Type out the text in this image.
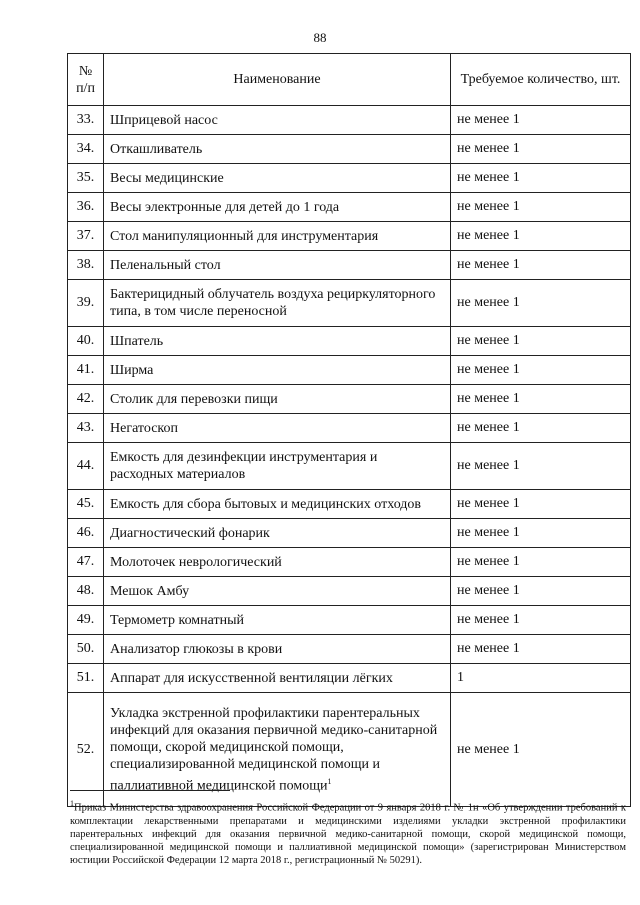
88
№ п/п	Наименование	Требуемое количество, шт.
33.	Шприцевой насос	не менее 1
34.	Откашливатель	не менее 1
35.	Весы медицинские	не менее 1
36.	Весы электронные для детей до 1 года	не менее 1
37.	Стол манипуляционный для инструментария	не менее 1
38.	Пеленальный стол	не менее 1
39.	Бактерицидный облучатель воздуха рециркуляторного типа, в том числе переносной	не менее 1
40.	Шпатель	не менее 1
41.	Ширма	не менее 1
42.	Столик для перевозки пищи	не менее 1
43.	Негатоскоп	не менее 1
44.	Емкость для дезинфекции инструментария и расходных материалов	не менее 1
45.	Емкость для сбора бытовых и медицинских отходов	не менее 1
46.	Диагностический фонарик	не менее 1
47.	Молоточек неврологический	не менее 1
48.	Мешок Амбу	не менее 1
49.	Термометр комнатный	не менее 1
50.	Анализатор глюкозы в крови	не менее 1
51.	Аппарат для искусственной вентиляции лёгких	1
52.	Укладка экстренной профилактики парентеральных инфекций для оказания первичной медико-санитарной помощи, скорой медицинской помощи, специализированной медицинской помощи и паллиативной медицинской помощи$^1$	не менее 1
$^1$Приказ Министерства здравоохранения Российской Федерации от 9 января 2018 г. № 1н «Об утверждении требований к комплектации лекарственными препаратами и медицинскими изделиями укладки экстренной профилактики парентеральных инфекций для оказания первичной медико-санитарной помощи, скорой медицинской помощи, специализированной медицинской помощи и паллиативной медицинской помощи» (зарегистрирован Министерством юстиции Российской Федерации 12 марта 2018 г., регистрационный № 50291).
